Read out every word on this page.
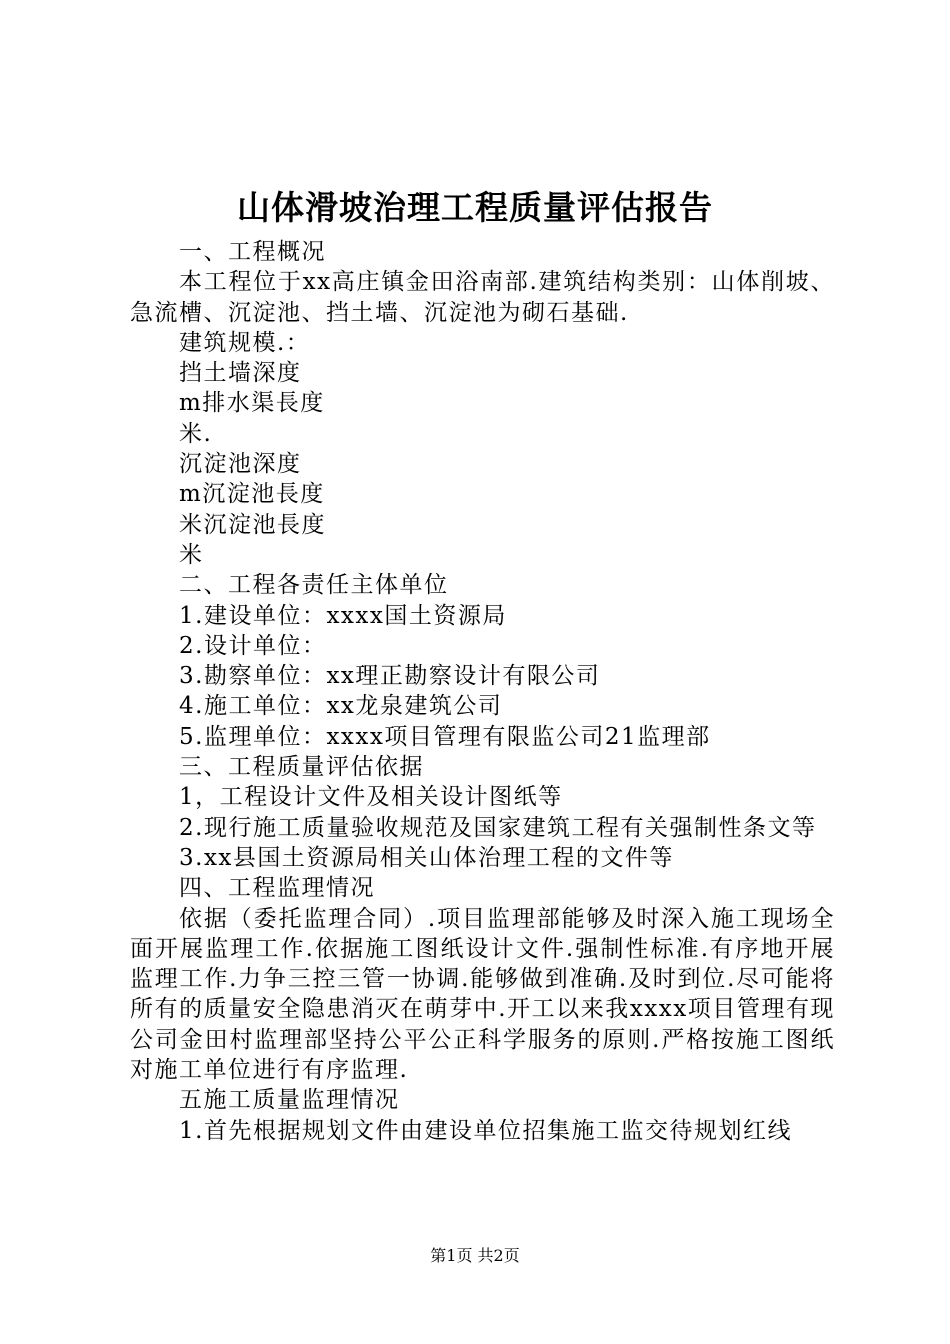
山体滑坡治理工程质量评估报告

一、工程概况

本工程位于xx高庄镇金田浴南部.建筑结构类别：山体削坡、急流槽、沉淀池、挡土墙、沉淀池为砌石基础.

建筑规模.：

挡土墙深度

m排水渠長度

米.

沉淀池深度

m沉淀池長度

米沉淀池長度

米

二、工程各责任主体单位

1.建设单位：xxxx国土资源局

2.设计单位：

3.勘察单位：xx理正勘察设计有限公司

4.施工单位：xx龙泉建筑公司

5.监理单位：xxxx项目管理有限监公司21监理部

三、工程质量评估依据

1，工程设计文件及相关设计图纸等

2.现行施工质量验收规范及国家建筑工程有关强制性条文等

3.xx县国土资源局相关山体治理工程的文件等

四、工程监理情况

依据（委托监理合同）.项目监理部能够及时深入施工现场全面开展监理工作.依据施工图纸设计文件.强制性标准.有序地开展监理工作.力争三控三管一协调.能够做到准确.及时到位.尽可能将所有的质量安全隐患消灭在萌芽中.开工以来我xxxx项目管理有现公司金田村监理部坚持公平公正科学服务的原则.严格按施工图纸对施工单位进行有序监理.

五施工质量监理情况

1.首先根据规划文件由建设单位招集施工监交待规划红线

第1页 共2页
